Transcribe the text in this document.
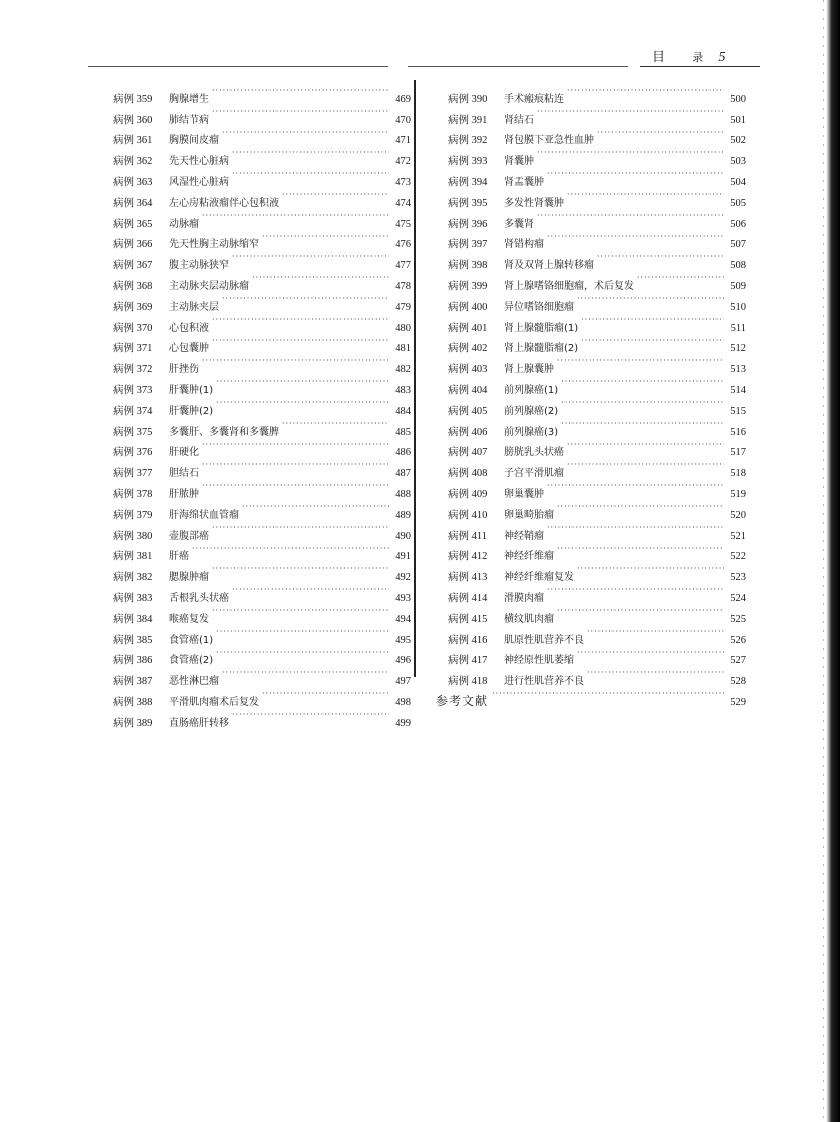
目 录 5
病例 359	胸腺增生 ·····	469
病例 360	肺结节病 ·····	470
病例 361	胸膜间皮瘤 ·····	471
病例 362	先天性心脏病 ·····	472
病例 363	风湿性心脏病 ·····	473
病例 364	左心房粘液瘤伴心包积液 ·····	474
病例 365	动脉瘤 ·····	475
病例 366	先天性胸主动脉缩窄 ·····	476
病例 367	腹主动脉狭窄 ·····	477
病例 368	主动脉夹层动脉瘤 ·····	478
病例 369	主动脉夹层 ·····	479
病例 370	心包积液 ·····	480
病例 371	心包囊肿 ·····	481
病例 372	肝挫伤 ·····	482
病例 373	肝囊肿(1) ·····	483
病例 374	肝囊肿(2) ·····	484
病例 375	多囊肝、多囊肾和多囊脾 ·····	485
病例 376	肝硬化 ·····	486
病例 377	胆结石 ·····	487
病例 378	肝脓肿 ·····	488
病例 379	肝海绵状血管瘤 ·····	489
病例 380	壶腹部癌 ·····	490
病例 381	肝癌 ·····	491
病例 382	腮腺肿瘤 ·····	492
病例 383	舌根乳头状癌 ·····	493
病例 384	喉癌复发 ·····	494
病例 385	食管癌(1) ·····	495
病例 386	食管癌(2) ·····	496
病例 387	恶性淋巴瘤 ·····	497
病例 388	平滑肌肉瘤术后复发 ·····	498
病例 389	直肠癌肝转移 ·····	499
病例 390	手术瘢痕粘连 ·····	500
病例 391	肾结石 ·····	501
病例 392	肾包膜下亚急性血肿 ·····	502
病例 393	肾囊肿 ·····	503
病例 394	肾盂囊肿 ·····	504
病例 395	多发性肾囊肿 ·····	505
病例 396	多囊肾 ·····	506
病例 397	肾错构瘤 ·····	507
病例 398	肾及双肾上腺转移瘤 ·····	508
病例 399	肾上腺嗜铬细胞瘤，术后复发 ·····	509
病例 400	异位嗜铬细胞瘤 ·····	510
病例 401	肾上腺髓脂瘤(1) ·····	511
病例 402	肾上腺髓脂瘤(2) ·····	512
病例 403	肾上腺囊肿 ·····	513
病例 404	前列腺癌(1) ·····	514
病例 405	前列腺癌(2) ·····	515
病例 406	前列腺癌(3) ·····	516
病例 407	膀胱乳头状癌 ·····	517
病例 408	子宫平滑肌瘤 ·····	518
病例 409	卵巢囊肿 ·····	519
病例 410	卵巢畸胎瘤 ·····	520
病例 411	神经鞘瘤 ·····	521
病例 412	神经纤维瘤 ·····	522
病例 413	神经纤维瘤复发 ·····	523
病例 414	滑膜肉瘤 ·····	524
病例 415	横纹肌肉瘤 ·····	525
病例 416	肌原性肌营养不良 ·····	526
病例 417	神经原性肌萎缩 ·····	527
病例 418	进行性肌营养不良 ·····	528
参考文献 ·····	529
